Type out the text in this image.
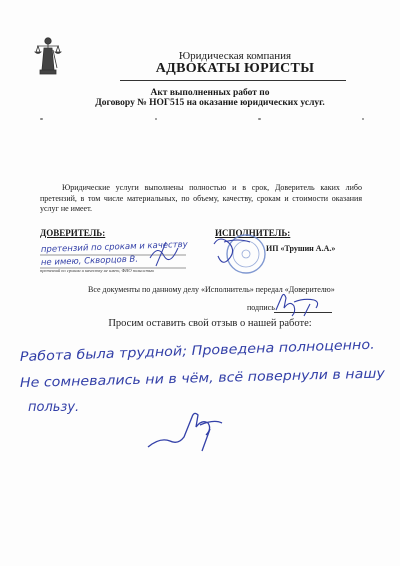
Юридическая компания
АДВОКАТЫ ЮРИСТЫ
Акт выполненных работ по
Договору № НОГ515 на оказание юридических услуг.
Юридические услуги выполнены полностью и в срок, Доверитель каких либо претензий, в том числе материальных, по объему, качеству, срокам и стоимости оказания услуг не имеет.
ДОВЕРИТЕЛЬ:
претензий по срокам и качеству
не имею, Скворцов В.
претензий по срокам и качеству не имею, ФИО полностью
ИСПОЛНИТЕЛЬ:
ИП «Трушин А.А.»
Все документы по данному делу «Исполнитель» передал «Доверителю»
подпись
Просим оставить свой отзыв о нашей работе:
Работа была трудной; Проведена полноценно.
Не сомневались ни в чём, всё повернули в нашу
пользу.
